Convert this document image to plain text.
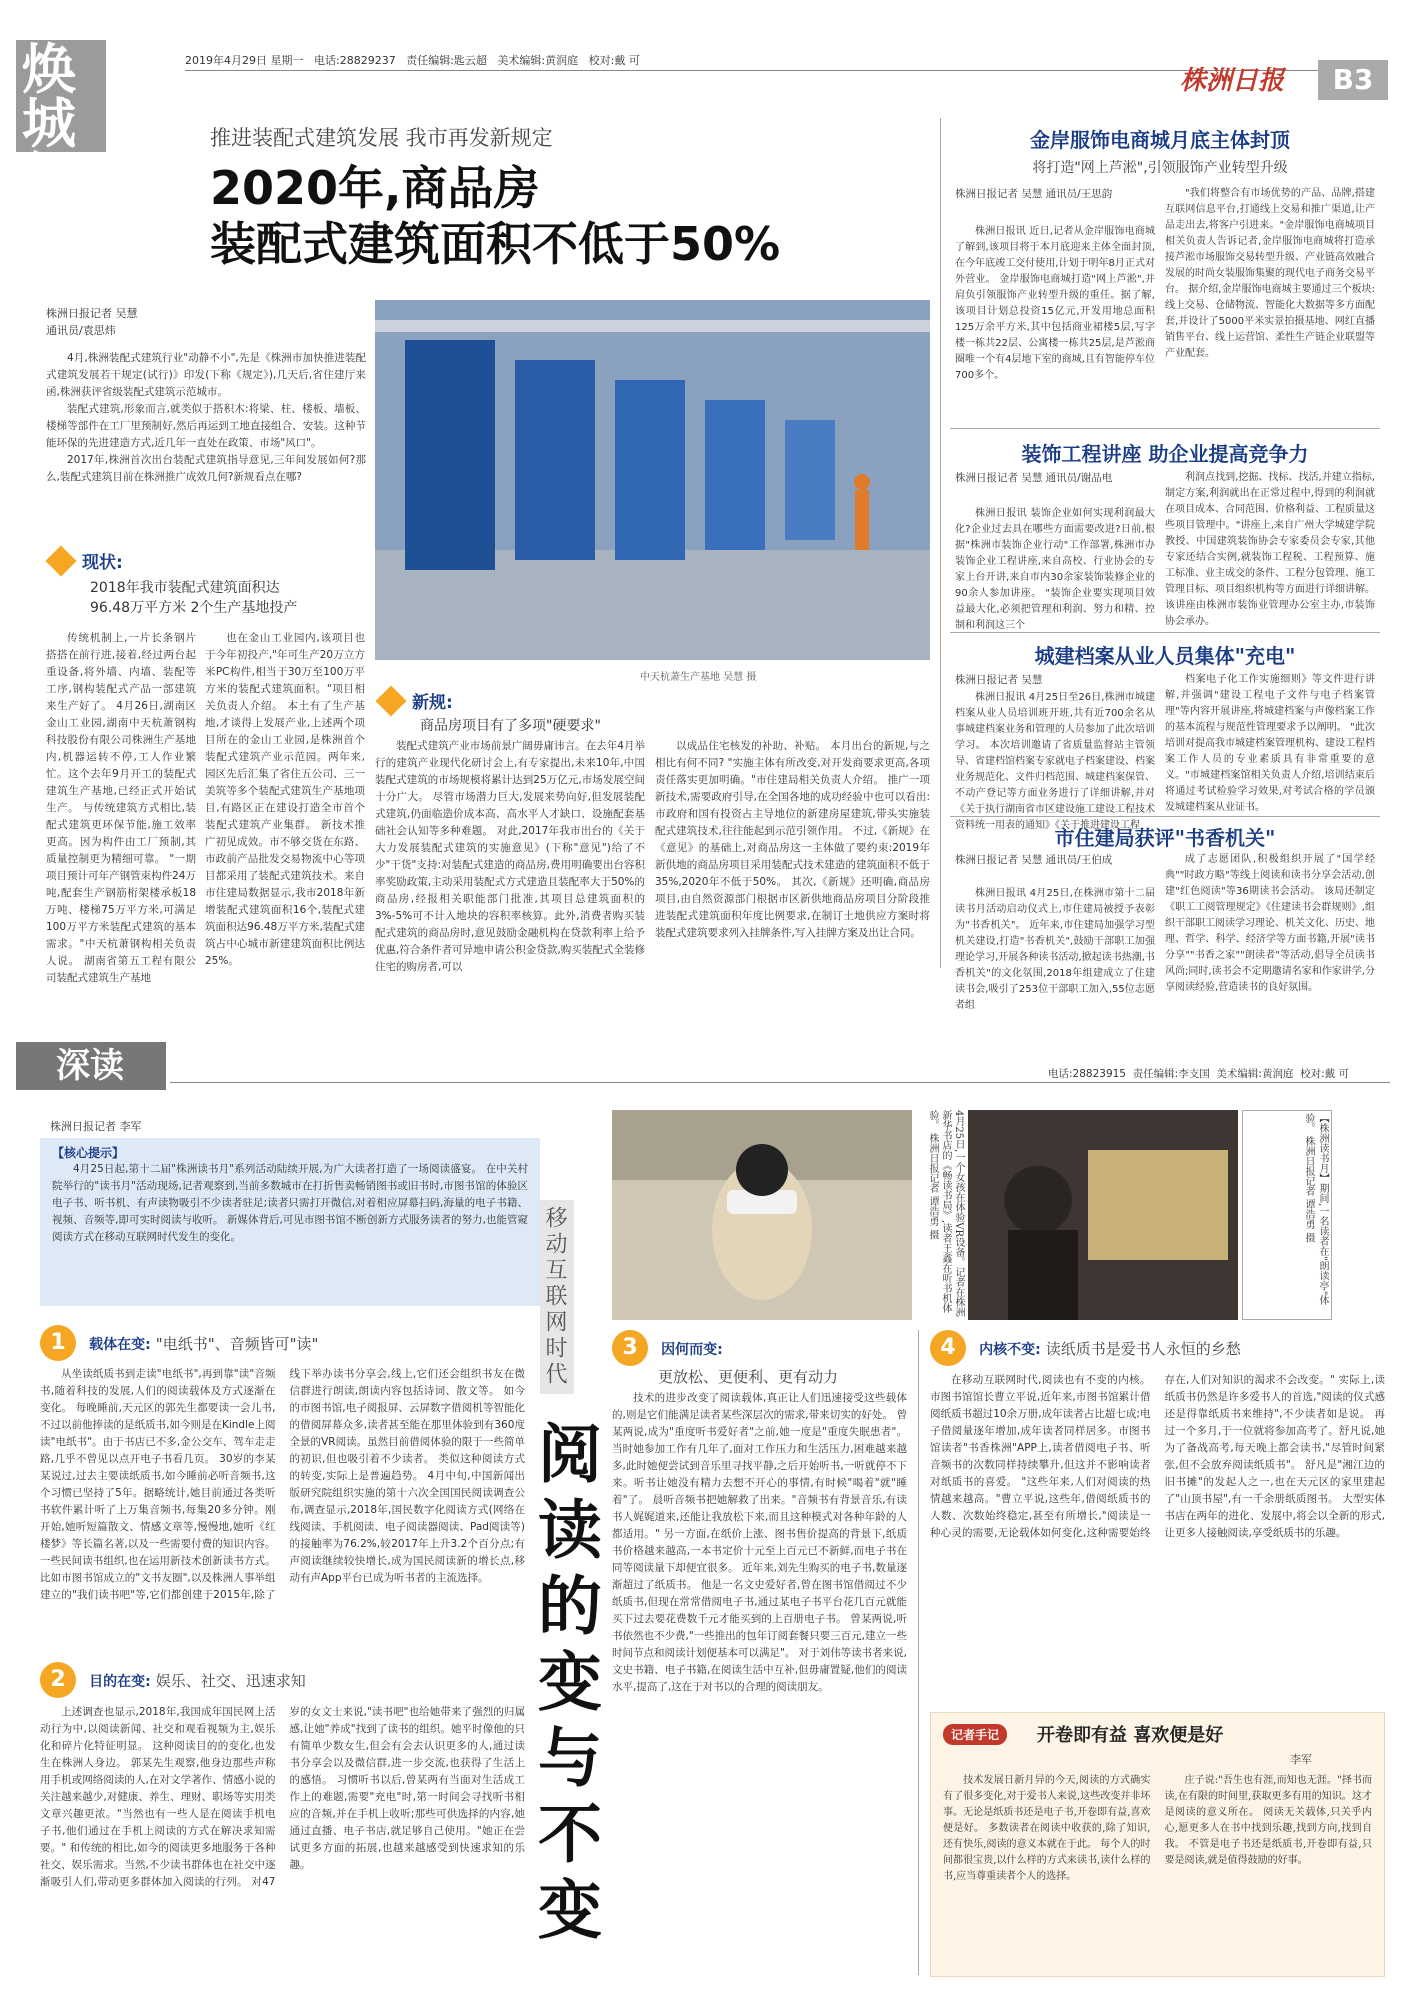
焕城
纪
2019年4月29日 星期一 电话:28829237 责任编辑:匙云超 美术编辑:黄润庭 校对:戴 可
株洲日报	B3
推进装配式建筑发展 我市再发新规定
2020年,商品房
装配式建筑面积不低于50%
株洲日报记者 吴慧
通讯员/袁思炜

4月,株洲装配式建筑行业"动静不小",先是《株洲市加快推进装配式建筑发展若干规定(试行)》印发(下称《规定》),几天后,省住建厅来函,株洲获评省级装配式建筑示范城市。

装配式建筑,形象而言,就类似于搭积木:将梁、柱、楼板、墙板、楼梯等部件在工厂里预制好,然后再运到工地直接组合、安装。这种节能环保的先进建造方式,近几年一直处在政策、市场"风口"。

2017年,株洲首次出台装配式建筑指导意见,三年间发展如何?那么,装配式建筑目前在株洲推广成效几何?新规看点在哪?

中天杭萧生产基地 吴慧 摄
现状:
2018年我市装配式建筑面积达
96.48万平方米 2个生产基地投产
传统机制上,一片长条钢片搭搭在前行进,接着,经过两台起重设备,将外墙、内墙、装配等工序,钢构装配式产品一部建筑来生产好了。 4月26日,湖南区金山工业园,湖南中天杭萧钢构科技股份有限公司株洲生产基地内,机器运转不停,工人作业繁忙。这个去年9月开工的装配式建筑生产基地,已经正式开始试生产。 与传统建筑方式相比,装配式建筑更环保节能,施工效率更高。因为构件由工厂预制,其质量控制更为精细可靠。 "一期项目预计可年产钢管束构件24万吨,配套生产钢筋桁架楼承板18万吨、楼梯75万平方米,可满足100万平方米装配式建筑的基本需求。"中天杭萧钢构相关负责人说。 湖南省第五工程有限公司装配式建筑生产基地
也在金山工业园内,该项目也于今年初投产,"年可生产20万立方米PC构件,相当于30万至100万平方米的装配式建筑面积。"项目相关负责人介绍。 本土有了生产基地,才谈得上发展产业,上述两个项目所在的金山工业园,是株洲首个装配式建筑产业示范园。两年来,园区先后汇集了省住五公司、三一美筑等多个装配式建筑生产基地项目,有路区正在建设打造全市首个装配式建筑产业集群。 新技术推广初见成效。市不够交货在东路、市政前产品批发交易物流中心等项目都采用了装配式建筑技术。来自市住建局数据显示,我市2018年新增装配式建筑面积16个,装配式建筑面积达96.48万平方米,装配式建筑占中心城市新建建筑面积比例达25%。
新规:
商品房项目有了多项"硬要求"
装配式建筑产业市场前景广阔毋庸讳言。在去年4月举行的建筑产业现代化研讨会上,有专家提出,未来10年,中国装配式建筑的市场规模将累计达到25万亿元,市场发展空间十分广大。 尽管市场潜力巨大,发展来势向好,但发展装配式建筑,仍面临造价成本高、高水平人才缺口、设施配套基础社会认知等多种难题。 对此,2017年我市出台的《关于大力发展装配式建筑的实施意见》(下称"意见")给了不少"干货"支持:对装配式建造的商品房,费用明确要出台容积率奖励政策,主动采用装配式方式建造且装配率大于50%的商品房,经报相关职能部门批准,其项目总建筑面积的3%-5%可不计入地块的容积率核算。此外,消费者购买装配式建筑的商品房时,意见鼓励金融机构在贷款利率上给予优惠,符合条件者可异地申请公积金贷款,购买装配式全装修住宅的购房者,可以
以成品住宅核发的补助、补贴。 本月出台的新规,与之相比有何不同? "实施主体有所改变,对开发商要求更高,各项责任落实更加明确。"市住建局相关负责人介绍。 推广一项新技术,需要政府引导,在全国各地的成功经验中也可以看出:市政府和国有投资占主导地位的新建房屋建筑,带头实施装配式建筑技术,往往能起到示范引领作用。 不过,《新规》在《意见》的基础上,对商品房这一主体做了要约束:2019年新供地的商品房项目采用装配式技术建造的建筑面积不低于35%,2020年不低于50%。 其次,《新规》还明确,商品房项目,由自然资源部门根据市区新供地商品房项目分阶段推进装配式建筑面积年度比例要求,在制订土地供应方案时将装配式建筑要求列入挂牌条件,写入挂牌方案及出让合同。
金岸服饰电商城月底主体封顶
将打造"网上芦淞",引领服饰产业转型升级
株洲日报记者 吴慧 通讯员/王思韵
株洲日报讯 近日,记者从金岸服饰电商城了解到,该项目将于本月底迎来主体全面封顶,在今年底竣工交付使用,计划于明年8月正式对外营业。 金岸服饰电商城打造"网上芦淞",并肩负引领服饰产业转型升级的重任。据了解,该项目计划总投资15亿元,开发用地总面积125万余平方米,其中包括商业裙楼5层,写字楼一栋共22层、公寓楼一栋共25层,是芦淞商圈唯一个有4层地下室的商城,且有智能停车位700多个。
"我们将整合有市场优势的产品、品牌,搭建互联网信息平台,打通线上交易和推广渠道,让产品走出去,将客户引进来。"金岸服饰电商城项目相关负责人告诉记者,金岸服饰电商城将打造承接芦淞市场服饰交易转型升级、产业链高效融合发展的时尚女装服饰集聚的现代电子商务交易平台。 据介绍,金岸服饰电商城主要通过三个板块:线上交易、仓储物流、智能化大数据等多方面配套,并设计了5000平米实景拍摄基地、网红直播销售平台、线上运营馆、柔性生产链企业联盟等产业配套。
装饰工程讲座 助企业提高竞争力
株洲日报记者 吴慧 通讯员/谢品电
株洲日报讯 装饰企业如何实现利润最大化?企业过去具在哪些方面需要改进?日前,根据"株洲市装饰企业行动"工作部署,株洲市办装饰企业工程讲座,来自高校、行业协会的专家上台开讲,来自市内30余家装饰装修企业的90余人参加讲座。 "装饰企业要实现项目效益最大化,必须把管理和利润、努力和精、控制和利润这三个
利润点找到,挖掘、找标、找活,并建立指标,制定方案,利润就出在正常过程中,得到的利润就在项目成本、合同范围、价格利益、工程质量这些项目管理中。"讲座上,来自广州大学城建学院教授、中国建筑装饰协会专家委员会专家,其他专家还结合实例,就装饰工程税、工程预算、施工标准、业主成交的条件、工程分包管理、施工管理目标、项目组织机构等方面进行详细讲解。 该讲座由株洲市装饰业管理办公室主办,市装饰协会承办。
城建档案从业人员集体"充电"
株洲日报记者 吴慧
株洲日报讯 4月25日至26日,株洲市城建档案从业人员培训班开班,共有近700余名从事城建档案业务和管理的人员参加了此次培训学习。 本次培训邀请了省质量监督站主管领导、省建档馆档案专家就电子档案建设、档案业务规范化、文件归档范围、城建档案保管、不动产登记等方面业务进行了详细讲解,并对《关于执行湖南省市区建设施工建设工程技术资料统一用表的通知》《关于推进建设工程
档案电子化工作实施细则》等文件进行讲解,并强调"建设工程电子文件与电子档案管理"等内容开展讲座,将城建档案与声像档案工作的基本流程与规范性管理要求予以阐明。 "此次培训对提高我市城建档案管理机构、建设工程档案工作人员的专业素质具有非常重要的意义。"市城建档案馆相关负责人介绍,培训结束后将通过考试检验学习效果,对考试合格的学员颁发城建档案从业证书。
市住建局获评"书香机关"
株洲日报记者 吴慧 通讯员/王伯成
株洲日报讯 4月25日,在株洲市第十二届读书月活动启动仪式上,市住建局被授予表彰为"书香机关"。 近年来,市住建局加强学习型机关建设,打造"书香机关",鼓励干部职工加强理论学习,开展各种读书活动,掀起读书热潮,书香机关"的文化氛围,2018年组建成立了住建读书会,吸引了253位干部职工加入,55位志愿者组
成了志愿团队,积极组织开展了"国学经典""时政方略"等线上阅读和读书分享会活动,创建"红色阅读"等36期读书会活动。 该局还制定《职工工阅管理规定》《住建读书会群规则》,组织干部职工阅读学习理论、机关文化、历史、地理、哲学、科学、经济学等方面书籍,开展"读书分享""书香之家""朗读者"等活动,倡导全员读书风尚;同时,读书会不定期邀请名家和作家讲学,分享阅读经验,营造读书的良好氛围。
深读	电话:28823915 责任编辑:李支国 美术编辑:黄润庭 校对:戴 可
株洲日报记者 李军
【核心提示】
4月25日起,第十二届"株洲读书月"系列活动陆续开展,为广大读者打造了一场阅读盛宴。 在中关村院举行的"读书月"活动现场,记者观察到,当前多数城市在打折售卖畅销图书或旧书时,市图书馆的体验区电子书、听书机、有声读物吸引不少读者驻足;读者只需打开微信,对着相应屏幕扫码,海量的电子书籍、视频、音频等,即可实时阅读与收听。 新媒体背后,可见市图书馆不断创新方式服务读者的努力,也能管窥阅读方式在移动互联网时代发生的变化。	移动互联网时代
阅读的变与不变
4月25日,一个女孩在体验VR设备。记者在株洲新华书店的《畅读书局》,读者王鑫在听书机体验。 株洲日报记者 谭浩勇 摄	【株洲读书月】期间,一名读者在"朗读亭"体验。 株洲日报记者 谭浩勇 摄
1 载体在变: "电纸书"、音频皆可"读"
从坐读纸质书到走读"电纸书",再到靠"读"音频书,随着科技的发展,人们的阅读载体及方式逐渐在变化。 每晚睡前,天元区的郭先生都要读一会儿书,不过以前他捧读的是纸质书,如今则是在Kindle上阅读"电纸书"。由于书店已不多,金公交车、驾车走走路,几乎不曾见以点开电子书看几页。 30岁的李某某说过,过去主要读纸质书,如今睡前必听音频书,这个习惯已坚持了5年。据略统计,她目前通过各类听书软件累计听了上万集音频书,每集20多分钟。刚开始,她听短篇散文、情感文章等,慢慢地,她听《红楼梦》等长篇名著,以及一些需要付费的知识内容。 一些民间读书组织,也在运用新技术创新读书方式。 比如市图书馆成立的"文书友圈",以及株洲人事举组建立的"我们读书吧"等,它们都创建于2015年,除了线下举办读书分享会,线上,它们还会组织书友在微信群进行朗读,朗读内容包括诗词、散文等。 如今的市图书馆,电子阅报屏、云屏数字借阅机等智能化的借阅屏幕众多,读者甚至能在那里体验到有360度全景的VR阅读。虽然目前借阅体验的限于一些简单的初识,但也吸引着不少读者。 类似这种阅读方式的转变,实际上是普遍趋势。 4月中旬,中国新闻出版研究院组织实施的第十六次全国国民阅读调查公布,调查显示,2018年,国民数字化阅读方式(网络在线阅读、手机阅读、电子阅读器阅读、Pad阅读等)的接触率为76.2%,较2017年上升3.2个百分点;有声阅读继续较快增长,成为国民阅读新的增长点,移动有声App平台已成为听书者的主流选择。
2 目的在变: 娱乐、社交、迅速求知
上述调查也显示,2018年,我国成年国民网上活动行为中,以阅读新闻、社交和观看视频为主,娱乐化和碎片化特征明显。 这种阅读目的的变化,也发生在株洲人身边。 郭某先生观察,他身边那些声称用手机或网络阅读的人,在对文学著作、情感小说的关注越来越少,对健康、养生、理财、职场等实用类文章兴趣更浓。"当然也有一些人是在阅读手机电子书,他们通过在手机上阅读的方式在解决求知需要。" 和传统的相比,如今的阅读更多地服务于各种社交、娱乐需求。当然,不少读书群体也在社交中逐渐吸引人们,带动更多群体加入阅读的行列。 对47岁的女文士来说,"读书吧"也给她带来了强烈的归属感,让她"养成"找到了读书的组织。她平时像他的只有简单少数女生,但会有会去认识更多的人,通过读书分享会以及微信群,进一步交流,也获得了生活上的感悟。 习惯听书以后,曾某两有当面对生活成工作上的难题,需要"充电"时,第一时间会寻找听书相应的音频,并在手机上收听;那些可供选择的内容,她通过直播、电子书店,就足够自己使用。"她正在尝试更多方面的拓展,也越来越感受到快速求知的乐趣。
3 因何而变:
更放松、更便利、更有动力
技术的进步改变了阅读载体,真正让人们迅速接受这些载体的,则是它们能满足读者某些深层次的需求,带来切实的好处。 曾某两说,成为"重度听书爱好者"之前,她一度是"重度失眠患者"。当时她参加工作有几年了,面对工作压力和生活压力,困难越来越多,此时她便尝试到音乐里寻找平静,之后开始听书,一听就停不下来。听书让她没有精力去想不开心的事情,有时候"喝着"就"睡着"了。 晨听音频书把她解救了出来。"音频书有背景音乐,有读书人娓娓道来,还能让我放松下来,而且这种模式对各种年龄的人都适用。" 另一方面,在纸价上涨、图书售价提高的背景下,纸质书价格越来越高,一本书定价十元至上百元已不新鲜,而电子书在同等阅读量下却便宜很多。 近年来,刘先生购买的电子书,数量逐渐超过了纸质书。 他是一名文史爱好者,曾在图书馆借阅过不少纸质书,但现在常常借阅电子书,通过某电子书平台花几百元就能买下过去要花费数千元才能买到的上百册电子书。 曾某两说,听书依然也不少费,"一些推出的包年订阅套餐只要三百元,建立一些时间节点和阅读计划便基本可以满足"。 对于刘伟等读书者来说,文史书籍、电子书籍,在阅读生活中互补,但毋庸置疑,他们的阅读水平,提高了,这在于对书以的合理的阅读朋友。
4 内核不变: 读纸质书是爱书人永恒的乡愁
在移动互联网时代,阅读也有不变的内核。 市图书馆馆长曹立平说,近年来,市图书馆累计借阅纸质书超过10余万册,成年读者占比超七成;电子借阅量逐年增加,成年读者同样居多。市图书馆读者"书香株洲"APP上,读者借阅电子书、听音频书的次数同样持续攀升,但这并不影响读者对纸质书的喜爱。 "这些年来,人们对阅读的热情越来越高。"曹立平说,这些年,借阅纸质书的人数、次数始终稳定,甚至有所增长,"阅读是一种心灵的需要,无论载体如何变化,这种需要始终存在,人们对知识的渴求不会改变。" 实际上,读纸质书仍然是许多爱书人的首选,"阅读的仪式感还是得靠纸质书来维持",不少读者如是说。 再过一个多月,于一位就将参加高考了。舒凡说,她为了备战高考,每天晚上都会读书,"尽管时间紧张,但不会放弃阅读纸质书"。 舒凡是"湘江边的旧书摊"的发起人之一,也在天元区的家里建起了"山顶书屋",有一千余册纸质图书。 大型实体书店在两年的进化、发展中,将会以全新的形式,让更多人接触阅读,享受纸质书的乐趣。
记者手记	开卷即有益 喜欢便是好
李军
技术发展日新月异的今天,阅读的方式确实有了很多变化,对于爱书人来说,这些改变并非坏事。无论是纸质书还是电子书,开卷即有益,喜欢便是好。 多数读者在阅读中收获的,除了知识,还有快乐,阅读的意义本就在于此。 每个人的时间都很宝贵,以什么样的方式来读书,读什么样的书,应当尊重读者个人的选择。
庄子说:"吾生也有涯,而知也无涯。"择书而读,在有限的时间里,获取更多有用的知识。这才是阅读的意义所在。 阅读无关载体,只关乎内心,愿更多人在书中找到乐趣,找到方向,找到自我。 不管是电子书还是纸质书,开卷即有益,只要是阅读,就是值得鼓励的好事。
